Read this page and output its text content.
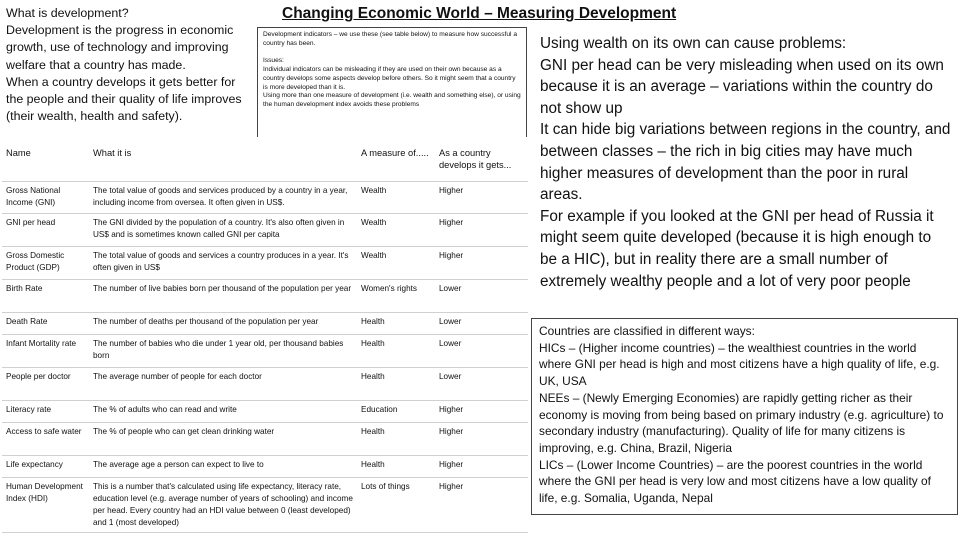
What is development?

Development is the progress in economic growth, use of technology and improving welfare that a country has made.

When a country develops it gets better for the people and their quality of life improves (their wealth, health and safety).

Changing Economic World – Measuring Development

Development indicators – we use these (see table below) to measure how successful a country has been.

Issues:

Individual indicators can be misleading if they are used on their own because as a country develops some aspects develop before others. So it might seem that a country is more developed than it is.

Using more than one measure of development (i.e. wealth and something else), or using the human development index avoids these problems

Name	What it is	A measure of.....	As a country develops it gets...
Gross National Income (GNI)	The total value of goods and services produced by a country in a year, including income from oversea. It often given in US$.	Wealth	Higher
GNI per head	The GNI divided by the population of a country. It's also often given in US$ and is sometimes known called GNI per capita	Wealth	Higher
Gross Domestic Product (GDP)	The total value of goods and services a country produces in a year. It's often given in US$	Wealth	Higher
Birth Rate	The number of live babies born per thousand of the population per year	Women's rights	Lower
Death Rate	The number of deaths per thousand of the population per year	Health	Lower
Infant Mortality rate	The number of babies who die under 1 year old, per thousand babies born	Health	Lower
People per doctor	The average number of people for each doctor	Health	Lower
Literacy rate	The % of adults who can read and write	Education	Higher
Access to safe water	The % of people who can get clean drinking water	Health	Higher
Life expectancy	The average age a person can expect to live to	Health	Higher
Human Development Index (HDI)	This is a number that's calculated using life expectancy, literacy rate, education level (e.g. average number of years of schooling) and income per head. Every country had an HDI value between 0 (least developed) and 1 (most developed)	Lots of things	Higher

Using wealth on its own can cause problems:

GNI per head can be very misleading when used on its own because it is an average – variations within the country do not show up

It can hide big variations between regions in the country, and between classes – the rich in big cities may have much higher measures of development than the poor in rural areas.

For example if you looked at the GNI per head of Russia it might seem quite developed (because it is high enough to be a HIC), but in reality there are a small number of extremely wealthy people and a lot of very poor people

Countries are classified in different ways:

HICs – (Higher income countries) – the wealthiest countries in the world where GNI per head is high and most citizens have a high quality of life, e.g. UK, USA

NEEs – (Newly Emerging Economies) are rapidly getting richer as their economy is moving from being based on primary industry (e.g. agriculture) to secondary industry (manufacturing). Quality of life for many citizens is improving, e.g. China, Brazil, Nigeria

LICs – (Lower Income Countries) – are the poorest countries in the world where the GNI per head is very low and most citizens have a low quality of life, e.g. Somalia, Uganda, Nepal
